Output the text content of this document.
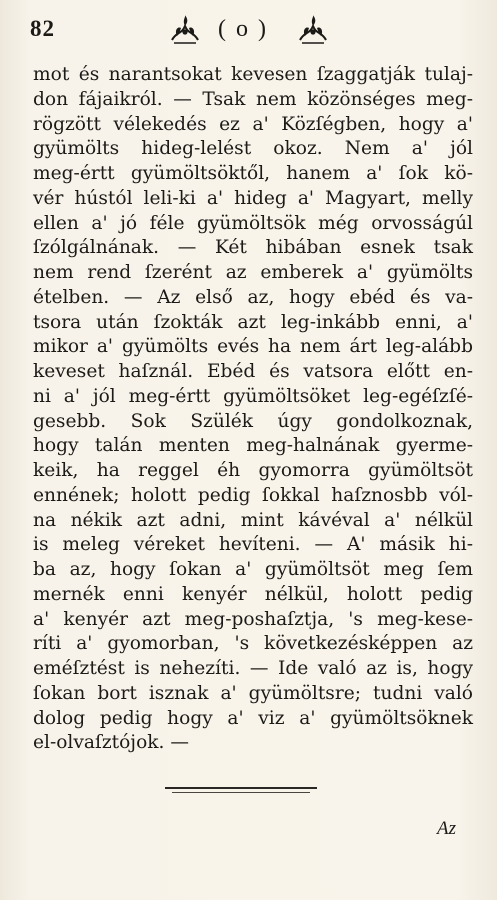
82	( o )
mot és narantsokat kevesen ſzaggatják tulaj-
don fájaikról. — Tsak nem közönséges meg-
rögzött vélekedés ez a' Közſégben, hogy a'
gyümölts hideg-lelést okoz. Nem a' jól
meg-értt gyümöltsöktől, hanem a' ſok kö-
vér hústól leli-ki a' hideg a' Magyart, melly
ellen a' jó féle gyümöltsök még orvosságúl
ſzólgálnának. — Két hibában esnek tsak
nem rend ſzerént az emberek a' gyümölts
ételben. — Az első az, hogy ebéd és va-
tsora után ſzokták azt leg-inkább enni, a'
mikor a' gyümölts evés ha nem árt leg-alább
keveset haſznál. Ebéd és vatsora előtt en-
ni a' jól meg-értt gyümöltsöket leg-egéſzſé-
gesebb. Sok Szülék úgy gondolkoznak,
hogy talán menten meg-halnának gyerme-
keik, ha reggel éh gyomorra gyümöltsöt
ennének; holott pedig ſokkal haſznosbb vól-
na nékik azt adni, mint kávéval a' nélkül
is meleg véreket hevíteni. — A' másik hi-
ba az, hogy ſokan a' gyümöltsöt meg ſem
mernék enni kenyér nélkül, holott pedig
a' kenyér azt meg-poshaſztja, 's meg-kese-
ríti a' gyomorban, 's következésképpen az
eméſztést is nehezíti. — Ide való az is, hogy
ſokan bort isznak a' gyümöltsre; tudni való
dolog pedig hogy a' viz a' gyümöltsöknek
el-olvaſztójok. —
Az
